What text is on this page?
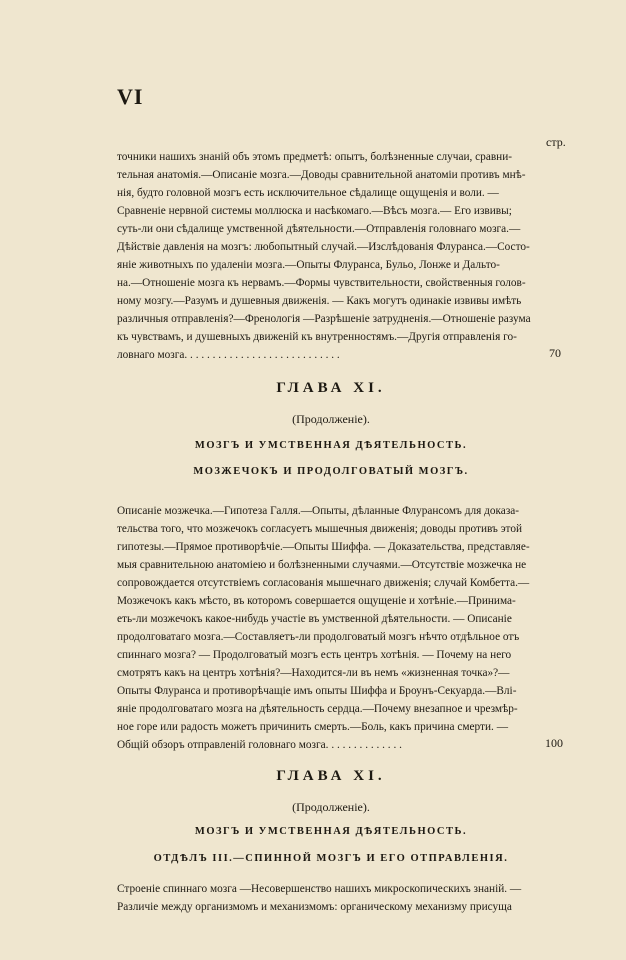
VI
стр.
точники нашихъ знаній объ этомъ предметѣ: опытъ, болѣзненные случаи, сравни-
тельная анатомія.—Описаніе мозга.—Доводы сравнительной анатоміи противъ мнѣ-
нія, будто головной мозгъ есть исключительное сѣдалище ощущенія и воли. —
Сравненіе нервной системы моллюска и насѣкомаго.—Вѣсъ мозга.— Его извивы;
суть-ли они сѣдалище умственной дѣятельности.—Отправленія головнаго мозга.—
Дѣйствіе давленія на мозгъ: любопытный случай.—Изслѣдованія Флуранса.—Состо-
яніе животныхъ по удаленіи мозга.—Опыты Флуранса, Бульо, Лонже и Дальто-
на.—Отношеніе мозга къ нервамъ.—Формы чувствительности, свойственныя голов-
ному мозгу.—Разумъ и душевныя движенія. — Какъ могутъ одинакіе извивы имѣть
различныя отправленія?—Френологія —Разрѣшеніе затрудненія.—Отношеніе разума
къ чувствамъ, и душевныхъ движеній къ внутренностямъ.—Другія отправленія го-
ловнаго мозга. . . . . . . . . . . . . . . . . . . . . . . . . . . .	70
ГЛАВА XI.
(Продолженіе).
МОЗГЪ И УМСТВЕННАЯ ДѢЯТЕЛЬНОСТЬ.
МОЗЖЕЧОКЪ И ПРОДОЛГОВАТЫЙ МОЗГЪ.
Описаніе мозжечка.—Гипотеза Галля.—Опыты, дѣланные Флурансомъ для доказа-
тельства того, что мозжечокъ согласуетъ мышечныя движенія; доводы противъ этой
гипотезы.—Прямое противорѣчіе.—Опыты Шиффа. — Доказательства, представляе-
мыя сравнительною анатоміею и болѣзненными случаями.—Отсутствіе мозжечка не
сопровождается отсутствіемъ согласованія мышечнаго движенія; случай Комбетта.—
Мозжечокъ какъ мѣсто, въ которомъ совершается ощущеніе и хотѣніе.—Принима-
еть-ли мозжечокъ какое-нибудь участіе въ умственной дѣятельности. — Описаніе
продолговатаго мозга.—Составляетъ-ли продолговатый мозгъ нѣчто отдѣльное отъ
спиннаго мозга? — Продолговатый мозгъ есть центръ хотѣнія. — Почему на него
смотрятъ какъ на центръ хотѣнія?—Находится-ли въ немъ «жизненная точка»?—
Опыты Флуранса и противорѣчащіе имъ опыты Шиффа и Броунъ-Секуарда.—Влі-
яніе продолговатаго мозга на дѣятельность сердца.—Почему внезапное и чрезмѣр-
ное горе или радость можетъ причинить смерть.—Боль, какъ причина смерти. —
Общій обзоръ отправленій головнаго мозга. . . . . . . . . . . . . .	100
ГЛАВА XI.
(Продолженіе).
МОЗГЪ И УМСТВЕННАЯ ДѢЯТЕЛЬНОСТЬ.
ОТДѢЛЪ III.—СПИННОЙ МОЗГЪ И ЕГО ОТПРАВЛЕНІЯ.
Строеніе спиннаго мозга —Несовершенство нашихъ микроскопическихъ знаній. —
Различіе между организмомъ и механизмомъ: органическому механизму присуща
